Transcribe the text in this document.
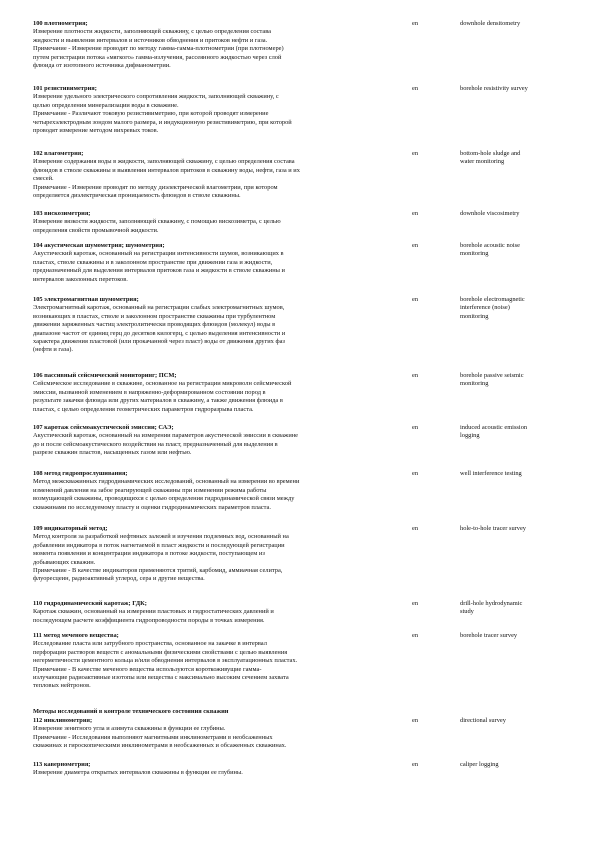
100 плотнометрия;
Измерение плотности жидкости, заполняющей скважину, с целью определения состава
жидкости и выявления интервалов и источников обводнения и притоков нефти и газа.
Примечание - Измерение проводят по методу гамма-гамма-плотнометрии (при плотномере)
путем регистрации потока «мягкого» гамма-излучения, рассеянного жидкостью через слой
флюида от изотопного источника дифманометрии.
en	downhole densitometry
101 резистивиметрия;
Измерение удельного электрического сопротивления жидкости, заполняющей скважину, с
целью определения минерализации воды в скважине.
Примечание - Различают токовую резистивиметрию, при которой проводят измерение
четырехэлектродным зондом малого размера, и индукционную резистивиметрию, при которой
проводят измерение методом вихревых токов.
en	borehole resistivity survey
102 влагометрия;
Измерение содержания воды в жидкости, заполняющей скважину, с целью определения состава
флюидов в стволе скважины и выявления интервалов притоков в скважину воды, нефти, газа и их
смесей.
Примечание - Измерение проводят по методу диэлектрической влагометрии, при котором
определяется диэлектрическая проницаемость флюидов в стволе скважины.
en	bottom-hole sludge and
water monitoring
103 вискозиметрия;
Измерение вязкости жидкости, заполняющей скважину, с помощью вискозиметра, с целью
определения свойств промывочной жидкости.
en	downhole viscosimetry
104 акустическая шумометрия; шумометрия;
Акустический каротаж, основанный на регистрации интенсивности шумов, возникающих в
пластах, стволе скважины и в заколонном пространстве при движении газа и жидкости,
предназначенный для выделения интервалов притоков газа и жидкости в стволе скважины и
интервалов заколонных перетоков.
en	borehole acoustic noise
monitoring
105 электромагнитная шумометрия;
Электромагнитный каротаж, основанный на регистрации слабых электромагнитных шумов,
возникающих в пластах, стволе и заколонном пространстве скважины при турбулентном
движении заряженных частиц электролитически проводящих флюидов (молекул) воды в
диапазоне частот от единиц герц до десятков килогерц, с целью выделения интенсивности и
характера движения пластовой (или прокачанной через пласт) воды от движения других фаз
(нефти и газа).
en	borehole electromagnetic
interference (noise)
monitoring
106 пассивный сейсмический мониторинг; ПСМ;
Сейсмическое исследование в скважине, основанное на регистрации микроволн сейсмической
эмиссии, вызванной изменением в напряженно-деформированном состоянии пород в
результате закачки флюида или других материалов в скважину, а также движения флюида в
пластах, с целью определения геометрических параметров гидроразрыва пласта.
en	borehole passive seismic
monitoring
107 каротаж сейсмоакустической эмиссии; САЭ;
Акустический каротаж, основанный на измерении параметров акустической эмиссии в скважине
до и после сейсмоакустического воздействия на пласт, предназначенный для выделения в
разрезе скважин пластов, насыщенных газом или нефтью.
en	induced acoustic emission
logging
108 метод гидропрослушивания;
Метод межскважинных гидродинамических исследований, основанный на измерении во времени
изменений давления на забое реагирующей скважины при изменении режима работы
возмущающей скважины, проводящихся с целью определения гидродинамической связи между
скважинами по исследуемому пласту и оценки гидродинамических параметров пласта.
en	well interference testing
109 индикаторный метод;
Метод контроля за разработкой нефтяных залежей и изучения подземных вод, основанный на
добавлении индикатора в поток нагнетаемой в пласт жидкости и последующей регистрации
момента появления и концентрации индикатора в потоке жидкости, поступающем из
добывающих скважин.
Примечание - В качестве индикаторов применяются тритий, карбомид, аммиачная селитра,
флуоресцеин, радиоактивный углерод, сера и другие вещества.
en	hole-to-hole tracer survey
110 гидродинамический каротаж; ГДК;
Каротаж скважин, основанный на измерении пластовых и гидростатических давлений и
последующем расчете коэффициента гидропроводности породы в точках измерения.
en	drill-hole hydrodynamic
study
111 метод меченого вещества;
Исследование пласта или затрубного пространства, основанное на закачке в интервал
перфорации растворов веществ с аномальными физическими свойствами с целью выявления
негерметичности цементного кольца и/или обводнения интервалов в эксплуатационных пластах.
Примечание - В качестве меченого вещества используются короткоживущие гамма-
излучающие радиоактивные изотопы или вещества с максимально высоким сечением захвата
тепловых нейтронов.
en	borehole tracer survey
112 инклинометрия;
Измерение зенитного угла и азимута скважины в функции ее глубины.
Примечание - Исследования выполняют магнитными инклинометрами в необсаженных
скважинах и гироскопическими инклинометрами в необсаженных и обсаженных скважинах.
en	directional survey
113 кавернометрия;
Измерение диаметра открытых интервалов скважины в функции ее глубины.
en	caliper logging
Методы исследований в контроле технического состояния скважин
